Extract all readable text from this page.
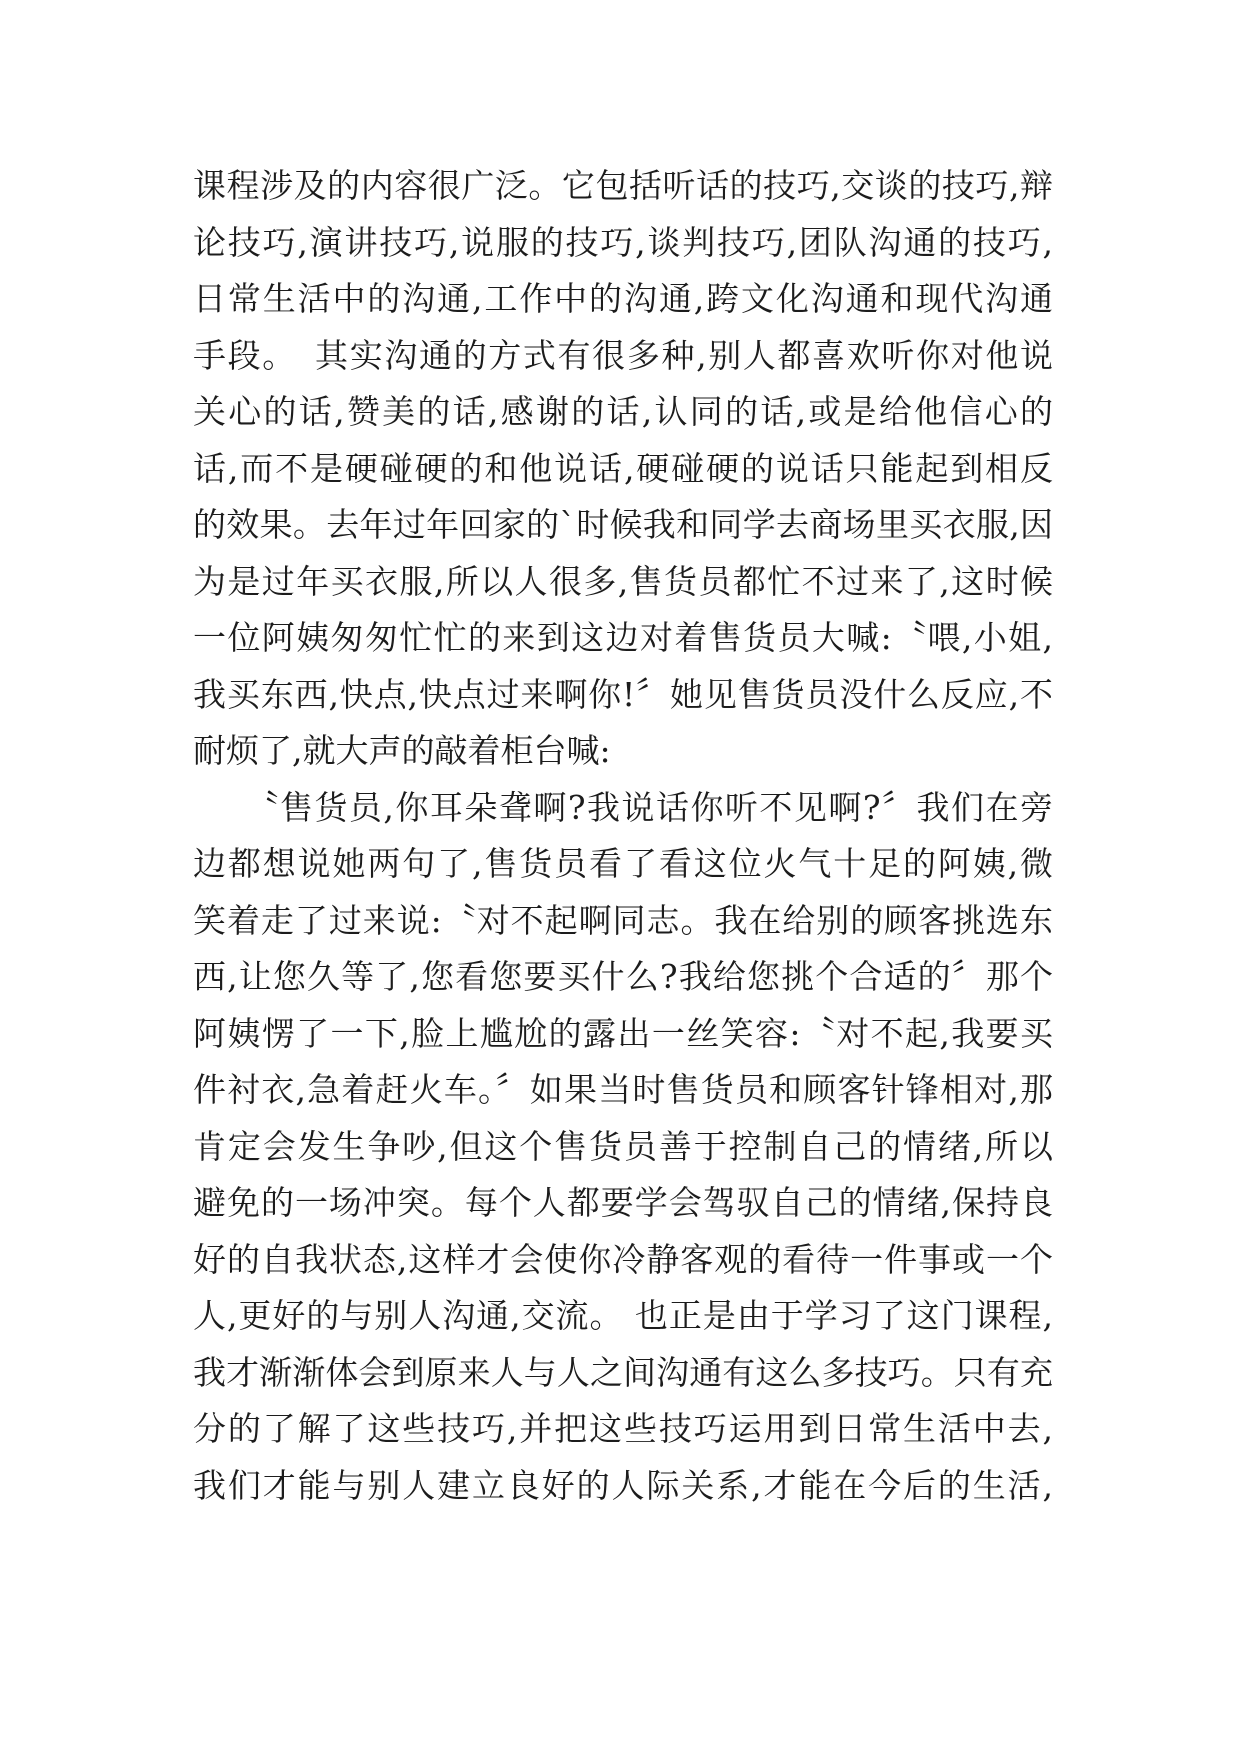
课程涉及的内容很广泛。它包括听话的技巧,交谈的技巧,辩
论技巧,演讲技巧,说服的技巧,谈判技巧,团队沟通的技巧,
日常生活中的沟通,工作中的沟通,跨文化沟通和现代沟通
手段。　其实沟通的方式有很多种,别人都喜欢听你对他说
关心的话,赞美的话,感谢的话,认同的话,或是给他信心的
话,而不是硬碰硬的和他说话,硬碰硬的说话只能起到相反
的效果。去年过年回家的`时候我和同学去商场里买衣服,因
为是过年买衣服,所以人很多,售货员都忙不过来了,这时候
一位阿姨匆匆忙忙的来到这边对着售货员大喊:〝喂,小姐,
我买东西,快点,快点过来啊你!〞她见售货员没什么反应,不
耐烦了,就大声的敲着柜台喊:
　　〝售货员,你耳朵聋啊?我说话你听不见啊?〞我们在旁
边都想说她两句了,售货员看了看这位火气十足的阿姨,微
笑着走了过来说:〝对不起啊同志。我在给别的顾客挑选东
西,让您久等了,您看您要买什么?我给您挑个合适的〞那个
阿姨愣了一下,脸上尴尬的露出一丝笑容:〝对不起,我要买
件衬衣,急着赶火车。〞如果当时售货员和顾客针锋相对,那
肯定会发生争吵,但这个售货员善于控制自己的情绪,所以
避免的一场冲突。每个人都要学会驾驭自己的情绪,保持良
好的自我状态,这样才会使你冷静客观的看待一件事或一个
人,更好的与别人沟通,交流。 也正是由于学习了这门课程,
我才渐渐体会到原来人与人之间沟通有这么多技巧。只有充
分的了解了这些技巧,并把这些技巧运用到日常生活中去,
我们才能与别人建立良好的人际关系,才能在今后的生活,
